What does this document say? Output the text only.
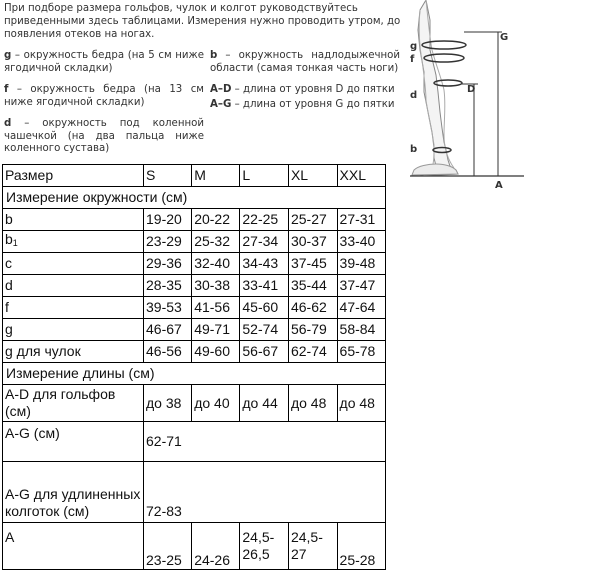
При подборе размера гольфов, чулок и колгот руководствуйтесь приведенными здесь таблицами. Измерения нужно проводить утром, до появления отеков на ногах.
g – окружность бедра (на 5 см ниже ягодичной складки)
f – окружность бедра (на 13 см ниже ягодичной складки)
d – окружность под коленной чашечкой (на два пальца ниже коленного сустава)
b – окружность надлодыжечной области (самая тонкая часть ноги)
A–D – длина от уровня D до пятки
A–G – длина от уровня G до пятки
g
f
d
b
G
D
A
Размер	S	M	L	XL	XXL
Измерение окружности (см)					
b	19-20	20-22	22-25	25-27	27-31
$b_1$	23-29	25-32	27-34	30-37	33-40
c	29-36	32-40	34-43	37-45	39-48
d	28-35	30-38	33-41	35-44	37-47
f	39-53	41-56	45-60	46-62	47-64
g	46-67	49-71	52-74	56-79	58-84
g для чулок	46-56	49-60	56-67	62-74	65-78
Измерение длины (см)					
A-D для гольфов (см)	до 38	до 40	до 44	до 48	до 48
A-G (см)	62-71				
A-G для удлиненных колготок (см)	72-83				
A	23-25	24-26	24,5-26,5	24,5-27	25-28
